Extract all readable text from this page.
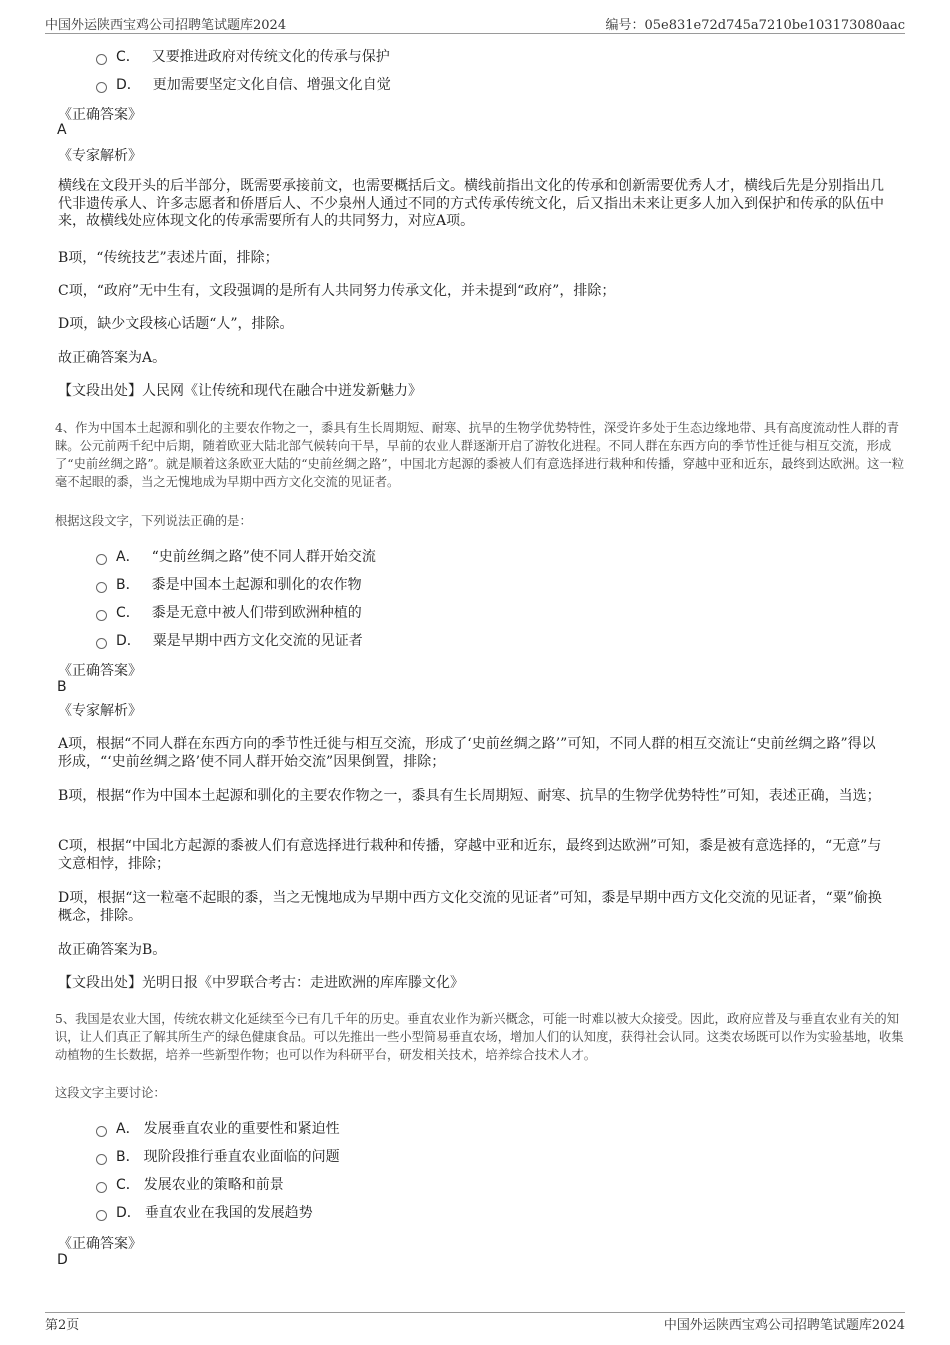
中国外运陕西宝鸡公司招聘笔试题库2024	编号：05e831e72d745a7210be103173080aac
C． 又要推进政府对传统文化的传承与保护
D． 更加需要坚定文化自信、增强文化自觉
《正确答案》
A
《专家解析》

横线在文段开头的后半部分，既需要承接前文，也需要概括后文。横线前指出文化的传承和创新需要优秀人才，横线后先是分别指出几代非遗传承人、许多志愿者和侨厝后人、不少泉州人通过不同的方式传承传统文化，后又指出未来让更多人加入到保护和传承的队伍中来，故横线处应体现文化的传承需要所有人的共同努力，对应A项。

B项，“传统技艺”表述片面，排除；

C项，“政府”无中生有，文段强调的是所有人共同努力传承文化，并未提到“政府”，排除；

D项，缺少文段核心话题“人”，排除。

故正确答案为A。

【文段出处】人民网《让传统和现代在融合中迸发新魅力》

4、作为中国本土起源和驯化的主要农作物之一，黍具有生长周期短、耐寒、抗旱的生物学优势特性，深受许多处于生态边缘地带、具有高度流动性人群的青睐。公元前两千纪中后期，随着欧亚大陆北部气候转向干旱，早前的农业人群逐渐开启了游牧化进程。不同人群在东西方向的季节性迁徙与相互交流，形成了“史前丝绸之路”。就是顺着这条欧亚大陆的“史前丝绸之路”，中国北方起源的黍被人们有意选择进行栽种和传播，穿越中亚和近东，最终到达欧洲。这一粒毫不起眼的黍，当之无愧地成为早期中西方文化交流的见证者。

根据这段文字，下列说法正确的是：

A． “史前丝绸之路”使不同人群开始交流
B． 黍是中国本土起源和驯化的农作物
C． 黍是无意中被人们带到欧洲种植的
D． 粟是早期中西方文化交流的见证者
《正确答案》
B
《专家解析》

A项，根据“不同人群在东西方向的季节性迁徙与相互交流，形成了‘史前丝绸之路’”可知，不同人群的相互交流让“史前丝绸之路”得以形成，“‘史前丝绸之路’使不同人群开始交流”因果倒置，排除；

B项，根据“作为中国本土起源和驯化的主要农作物之一，黍具有生长周期短、耐寒、抗旱的生物学优势特性”可知，表述正确，当选；

C项，根据“中国北方起源的黍被人们有意选择进行栽种和传播，穿越中亚和近东，最终到达欧洲”可知，黍是被有意选择的，“无意”与文意相悖，排除；

D项，根据“这一粒毫不起眼的黍，当之无愧地成为早期中西方文化交流的见证者”可知，黍是早期中西方文化交流的见证者，“粟”偷换概念，排除。

故正确答案为B。

【文段出处】光明日报《中罗联合考古：走进欧洲的库库滕文化》

5、我国是农业大国，传统农耕文化延续至今已有几千年的历史。垂直农业作为新兴概念，可能一时难以被大众接受。因此，政府应普及与垂直农业有关的知识，让人们真正了解其所生产的绿色健康食品。可以先推出一些小型简易垂直农场，增加人们的认知度，获得社会认同。这类农场既可以作为实验基地，收集动植物的生长数据，培养一些新型作物；也可以作为科研平台，研发相关技术，培养综合技术人才。

这段文字主要讨论：

A． 发展垂直农业的重要性和紧迫性
B． 现阶段推行垂直农业面临的问题
C． 发展农业的策略和前景
D． 垂直农业在我国的发展趋势
《正确答案》
D
第2页	中国外运陕西宝鸡公司招聘笔试题库2024
